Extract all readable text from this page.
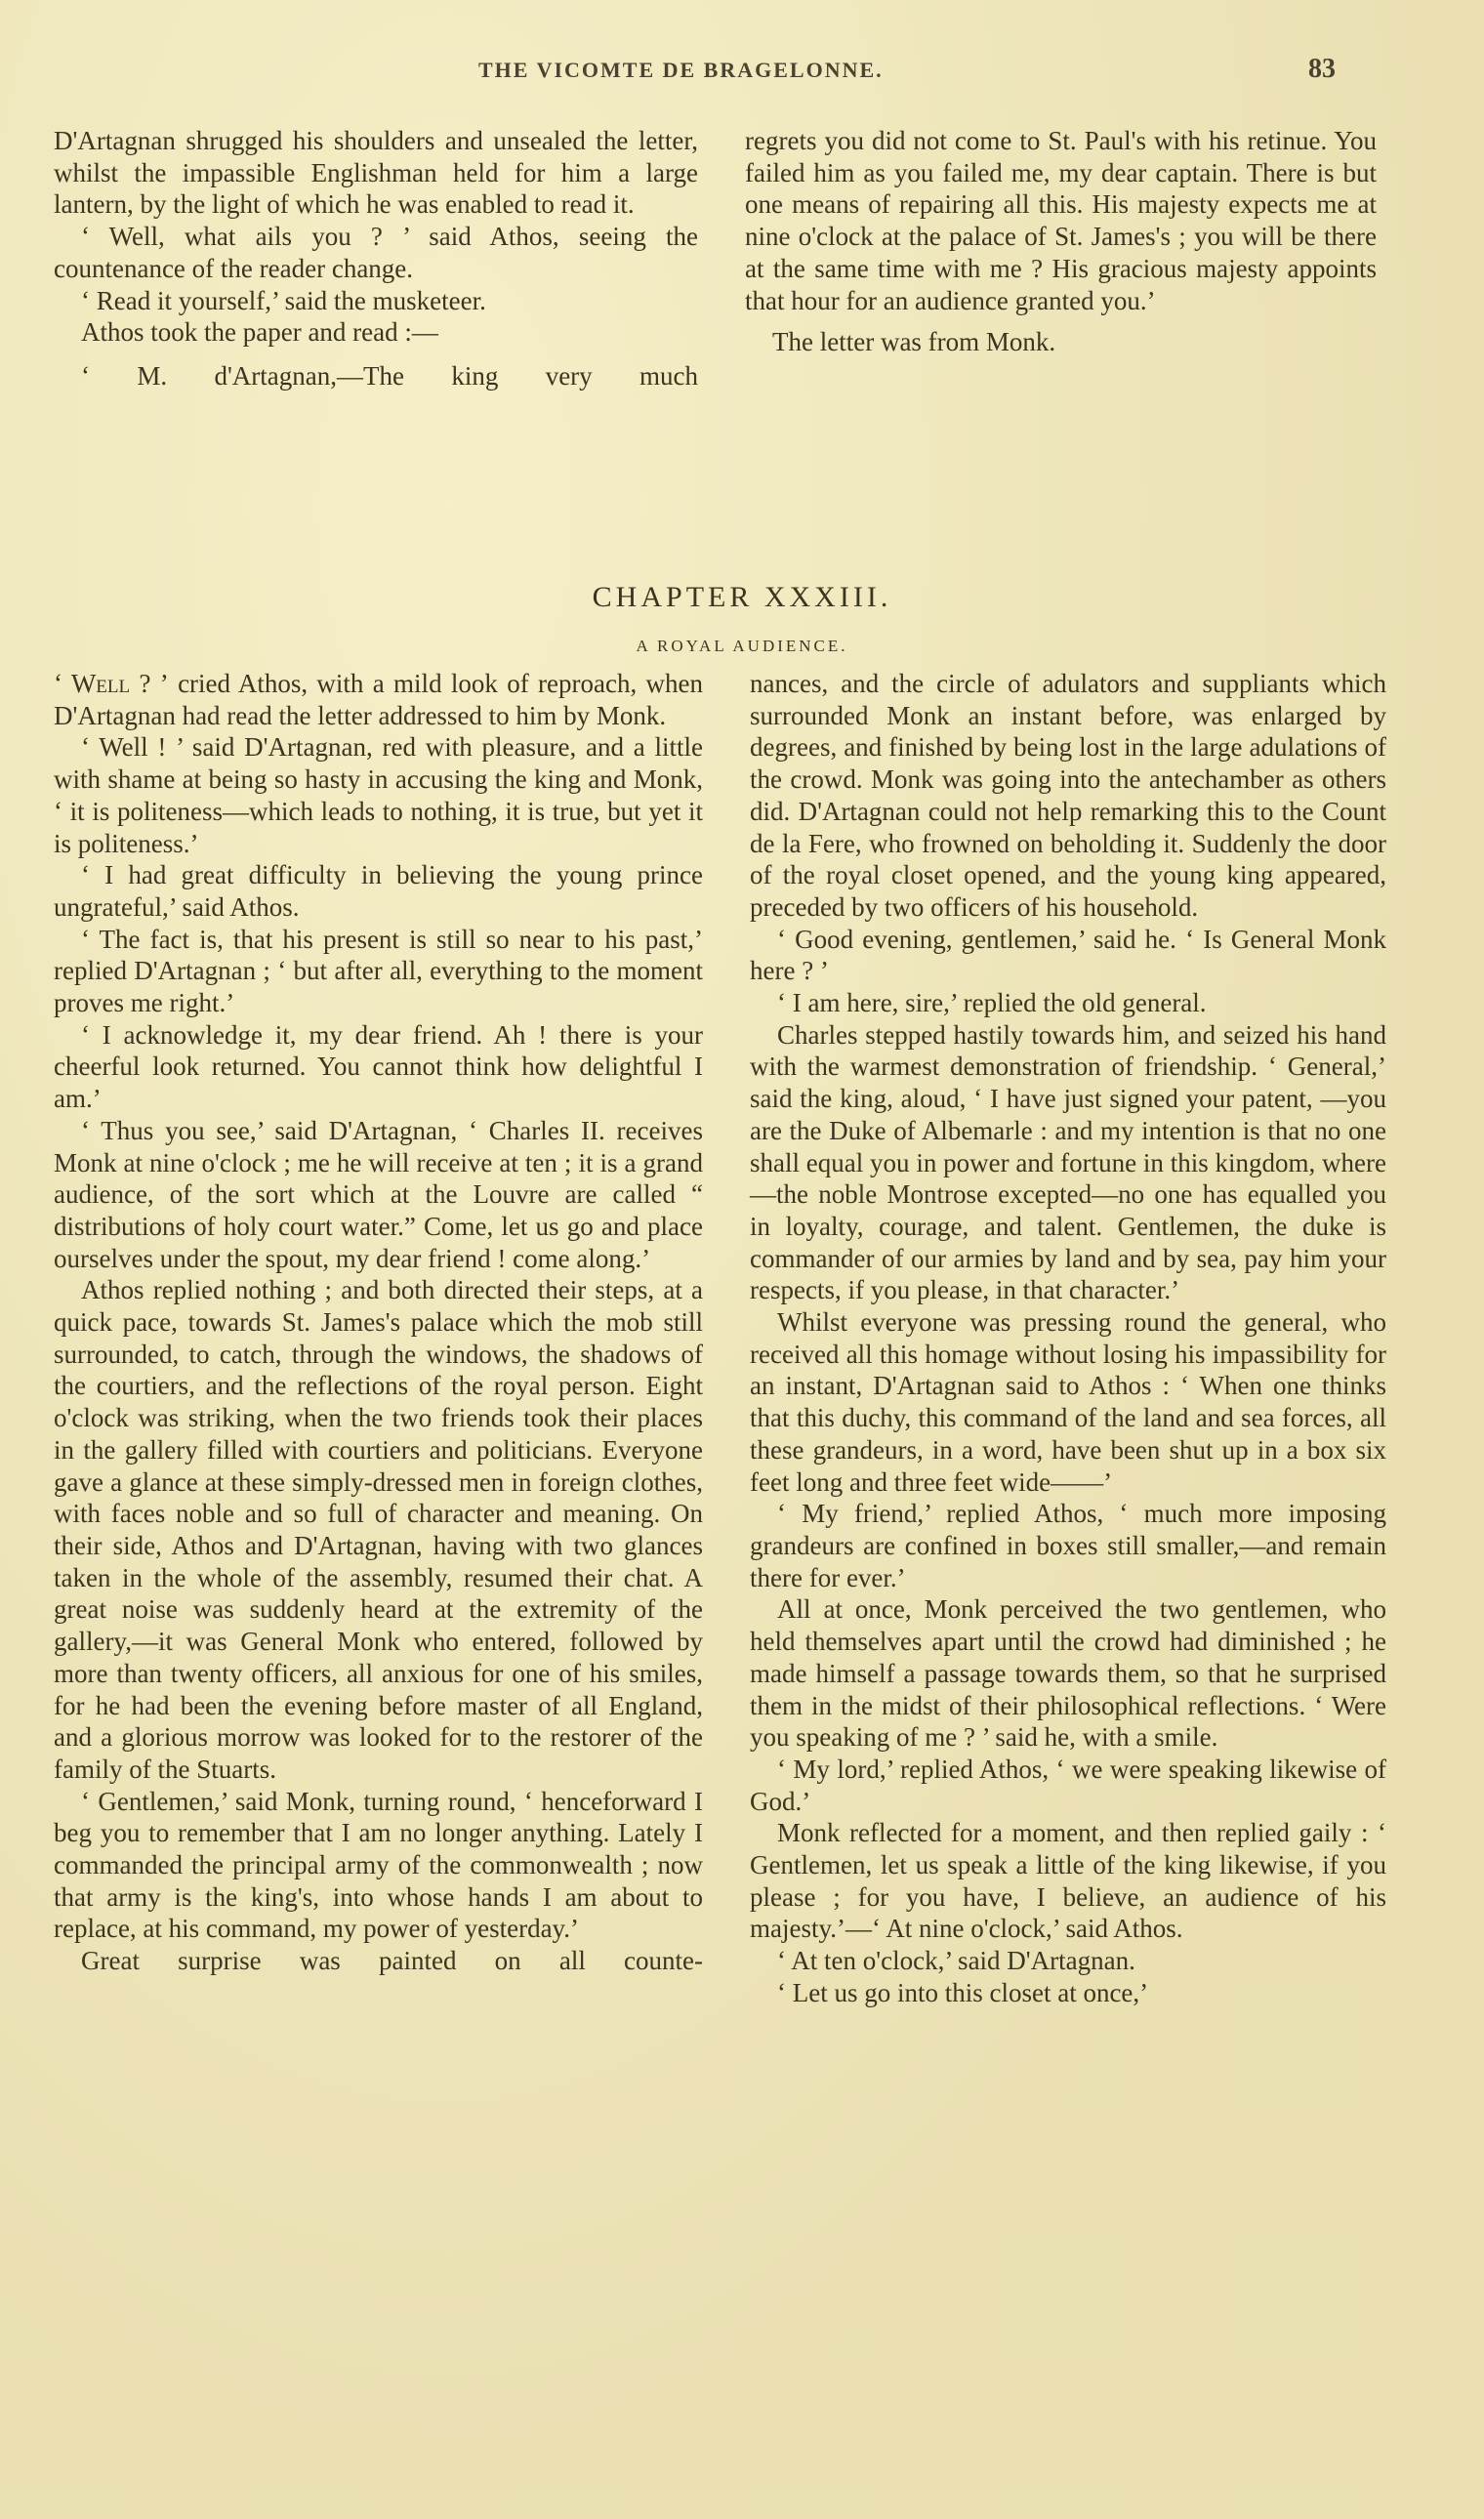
THE VICOMTE DE BRAGELONNE.	83

D'Artagnan shrugged his shoulders and unsealed the letter, whilst the impassible Englishman held for him a large lantern, by the light of which he was enabled to read it.

‘ Well, what ails you ? ’ said Athos, seeing the countenance of the reader change.

‘ Read it yourself,’ said the musketeer.

Athos took the paper and read :—

‘ M. d'Artagnan,—The king very much

regrets you did not come to St. Paul's with his retinue. You failed him as you failed me, my dear captain. There is but one means of repairing all this. His majesty expects me at nine o'clock at the palace of St. James's ; you will be there at the same time with me ? His gracious majesty appoints that hour for an audience granted you.’

The letter was from Monk.

CHAPTER XXXIII.
A ROYAL AUDIENCE.

‘ Well ? ’ cried Athos, with a mild look of reproach, when D'Artagnan had read the letter addressed to him by Monk.

‘ Well ! ’ said D'Artagnan, red with pleasure, and a little with shame at being so hasty in accusing the king and Monk, ‘ it is politeness—which leads to nothing, it is true, but yet it is politeness.’

‘ I had great difficulty in believing the young prince ungrateful,’ said Athos.

‘ The fact is, that his present is still so near to his past,’ replied D'Artagnan ; ‘ but after all, everything to the moment proves me right.’

‘ I acknowledge it, my dear friend. Ah ! there is your cheerful look returned. You cannot think how delightful I am.’

‘ Thus you see,’ said D'Artagnan, ‘ Charles II. receives Monk at nine o'clock ; me he will receive at ten ; it is a grand audience, of the sort which at the Louvre are called “ distributions of holy court water.” Come, let us go and place ourselves under the spout, my dear friend ! come along.’

Athos replied nothing ; and both directed their steps, at a quick pace, towards St. James's palace which the mob still surrounded, to catch, through the windows, the shadows of the courtiers, and the reflections of the royal person. Eight o'clock was striking, when the two friends took their places in the gallery filled with courtiers and politicians. Everyone gave a glance at these simply-dressed men in foreign clothes, with faces noble and so full of character and meaning. On their side, Athos and D'Artagnan, having with two glances taken in the whole of the assembly, resumed their chat. A great noise was suddenly heard at the extremity of the gallery,—it was General Monk who entered, followed by more than twenty officers, all anxious for one of his smiles, for he had been the evening before master of all England, and a glorious morrow was looked for to the restorer of the family of the Stuarts.

‘ Gentlemen,’ said Monk, turning round, ‘ henceforward I beg you to remember that I am no longer anything. Lately I commanded the principal army of the commonwealth ; now that army is the king's, into whose hands I am about to replace, at his command, my power of yesterday.’

Great surprise was painted on all counte-

nances, and the circle of adulators and suppliants which surrounded Monk an instant before, was enlarged by degrees, and finished by being lost in the large adulations of the crowd. Monk was going into the antechamber as others did. D'Artagnan could not help remarking this to the Count de la Fere, who frowned on beholding it. Suddenly the door of the royal closet opened, and the young king appeared, preceded by two officers of his household.

‘ Good evening, gentlemen,’ said he. ‘ Is General Monk here ? ’

‘ I am here, sire,’ replied the old general.

Charles stepped hastily towards him, and seized his hand with the warmest demonstration of friendship. ‘ General,’ said the king, aloud, ‘ I have just signed your patent, —you are the Duke of Albemarle : and my intention is that no one shall equal you in power and fortune in this kingdom, where —the noble Montrose excepted—no one has equalled you in loyalty, courage, and talent. Gentlemen, the duke is commander of our armies by land and by sea, pay him your respects, if you please, in that character.’

Whilst everyone was pressing round the general, who received all this homage without losing his impassibility for an instant, D'Artagnan said to Athos : ‘ When one thinks that this duchy, this command of the land and sea forces, all these grandeurs, in a word, have been shut up in a box six feet long and three feet wide——’

‘ My friend,’ replied Athos, ‘ much more imposing grandeurs are confined in boxes still smaller,—and remain there for ever.’

All at once, Monk perceived the two gentlemen, who held themselves apart until the crowd had diminished ; he made himself a passage towards them, so that he surprised them in the midst of their philosophical reflections. ‘ Were you speaking of me ? ’ said he, with a smile.

‘ My lord,’ replied Athos, ‘ we were speaking likewise of God.’

Monk reflected for a moment, and then replied gaily : ‘ Gentlemen, let us speak a little of the king likewise, if you please ; for you have, I believe, an audience of his majesty.’—‘ At nine o'clock,’ said Athos.

‘ At ten o'clock,’ said D'Artagnan.

‘ Let us go into this closet at once,’
